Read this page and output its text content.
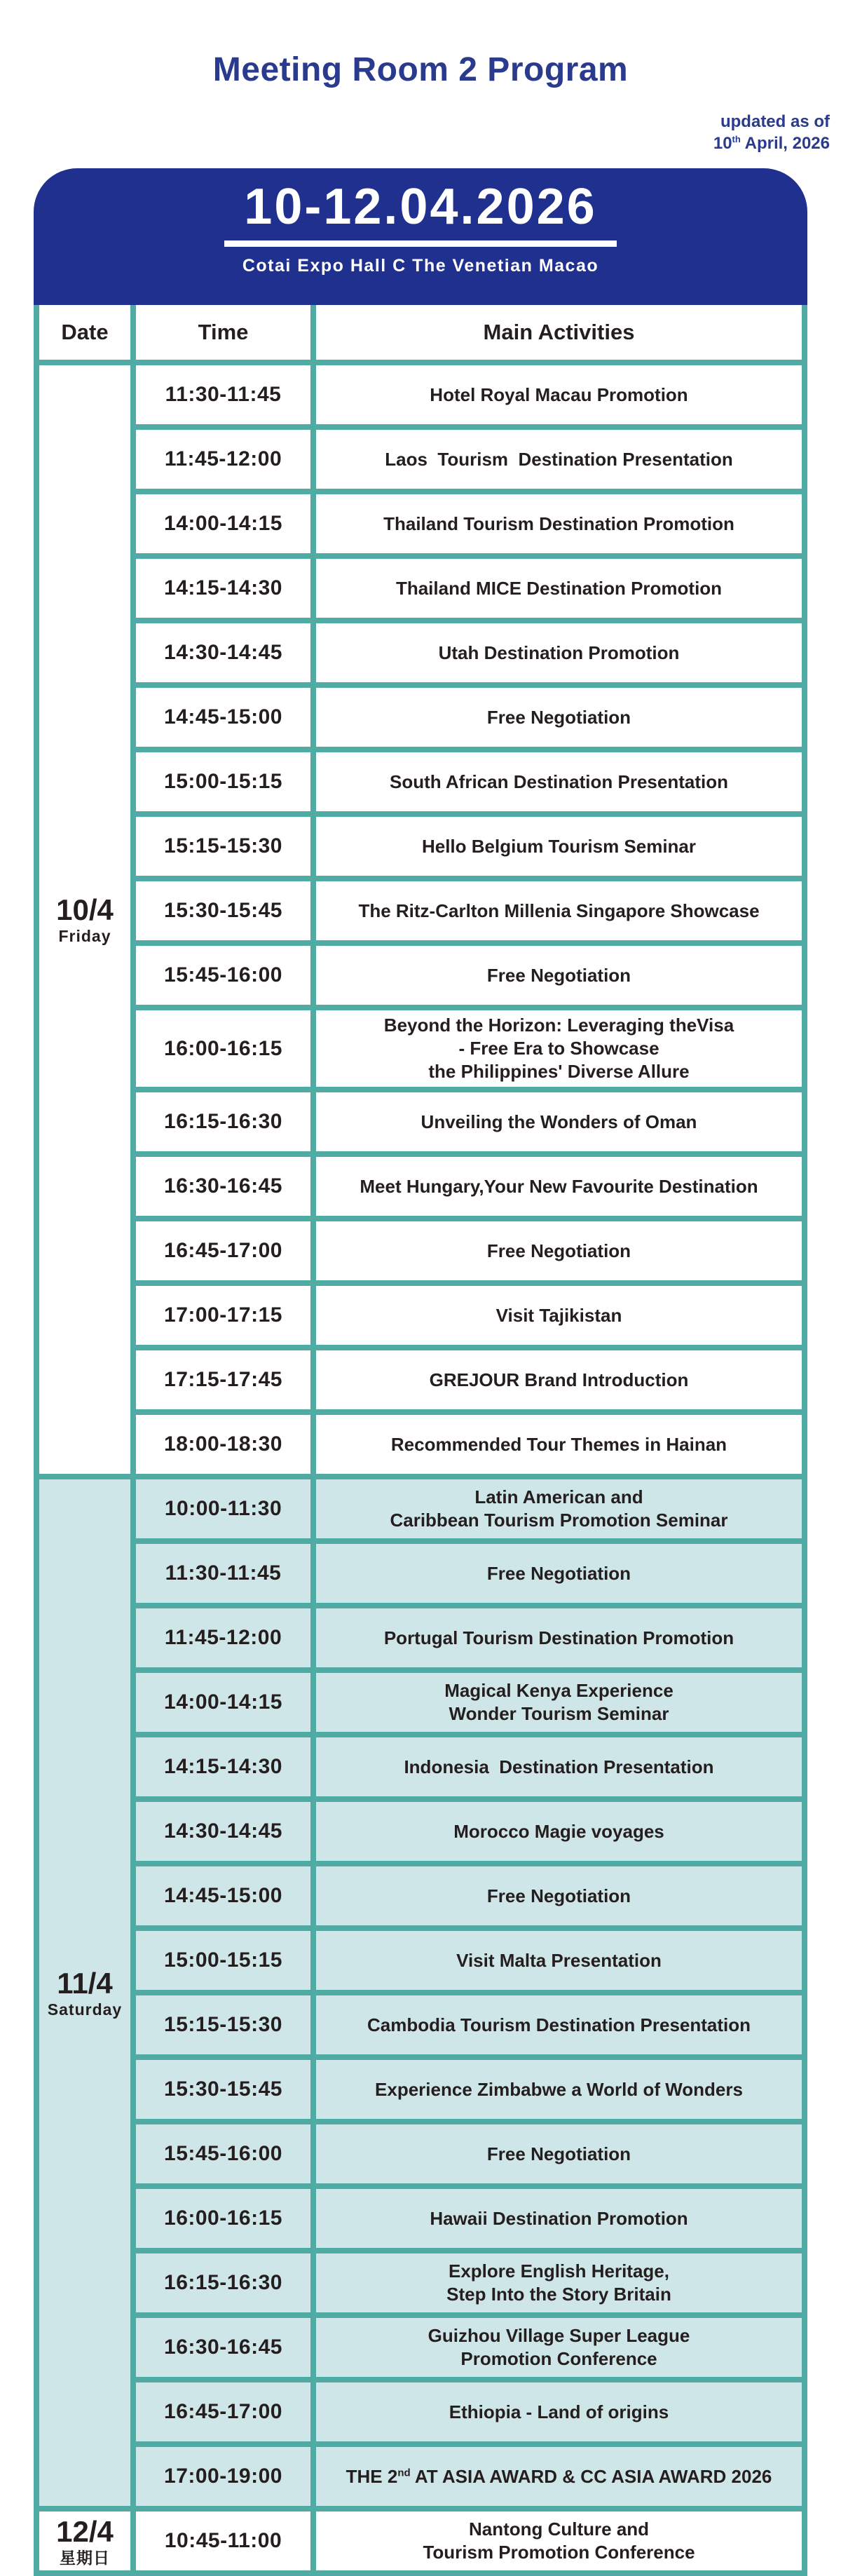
Meeting Room 2 Program
updated as of
10th April, 2026
10-12.04.2026
Cotai Expo Hall C The Venetian Macao
Date	Time	Main Activities

10/4
Friday	11:30-11:45	Hotel Royal Macau Promotion
	11:45-12:00	Laos  Tourism  Destination Presentation
	14:00-14:15	Thailand Tourism Destination Promotion
	14:15-14:30	Thailand MICE Destination Promotion
	14:30-14:45	Utah Destination Promotion
	14:45-15:00	Free Negotiation
	15:00-15:15	South African Destination Presentation
	15:15-15:30	Hello Belgium Tourism Seminar
	15:30-15:45	The Ritz-Carlton Millenia Singapore Showcase
	15:45-16:00	Free Negotiation
	16:00-16:15	Beyond the Horizon: Leveraging theVisa
- Free Era to Showcase
the Philippines' Diverse Allure
	16:15-16:30	Unveiling the Wonders of Oman
	16:30-16:45	Meet Hungary,Your New Favourite Destination
	16:45-17:00	Free Negotiation
	17:00-17:15	Visit Tajikistan
	17:15-17:45	GREJOUR Brand Introduction
	18:00-18:30	Recommended Tour Themes in Hainan

11/4
Saturday
	10:00-11:30	Latin American and
Caribbean Tourism Promotion Seminar
	11:30-11:45	Free Negotiation
	11:45-12:00	Portugal Tourism Destination Promotion
	14:00-14:15	Magical Kenya Experience
Wonder Tourism Seminar
	14:15-14:30	Indonesia  Destination Presentation
	14:30-14:45	Morocco Magie voyages
	14:45-15:00	Free Negotiation
	15:00-15:15	Visit Malta Presentation
	15:15-15:30	Cambodia Tourism Destination Presentation
	15:30-15:45	Experience Zimbabwe a World of Wonders
	15:45-16:00	Free Negotiation
	16:00-16:15	Hawaii Destination Promotion
	16:15-16:30	Explore English Heritage,
Step Into the Story Britain
	16:30-16:45	Guizhou Village Super League
Promotion Conference
	16:45-17:00	Ethiopia - Land of origins
	17:00-19:00	THE 2nd AT ASIA AWARD & CC ASIA AWARD 2026

12/4
星期日
	10:45-11:00	Nantong Culture and
Tourism Promotion Conference
